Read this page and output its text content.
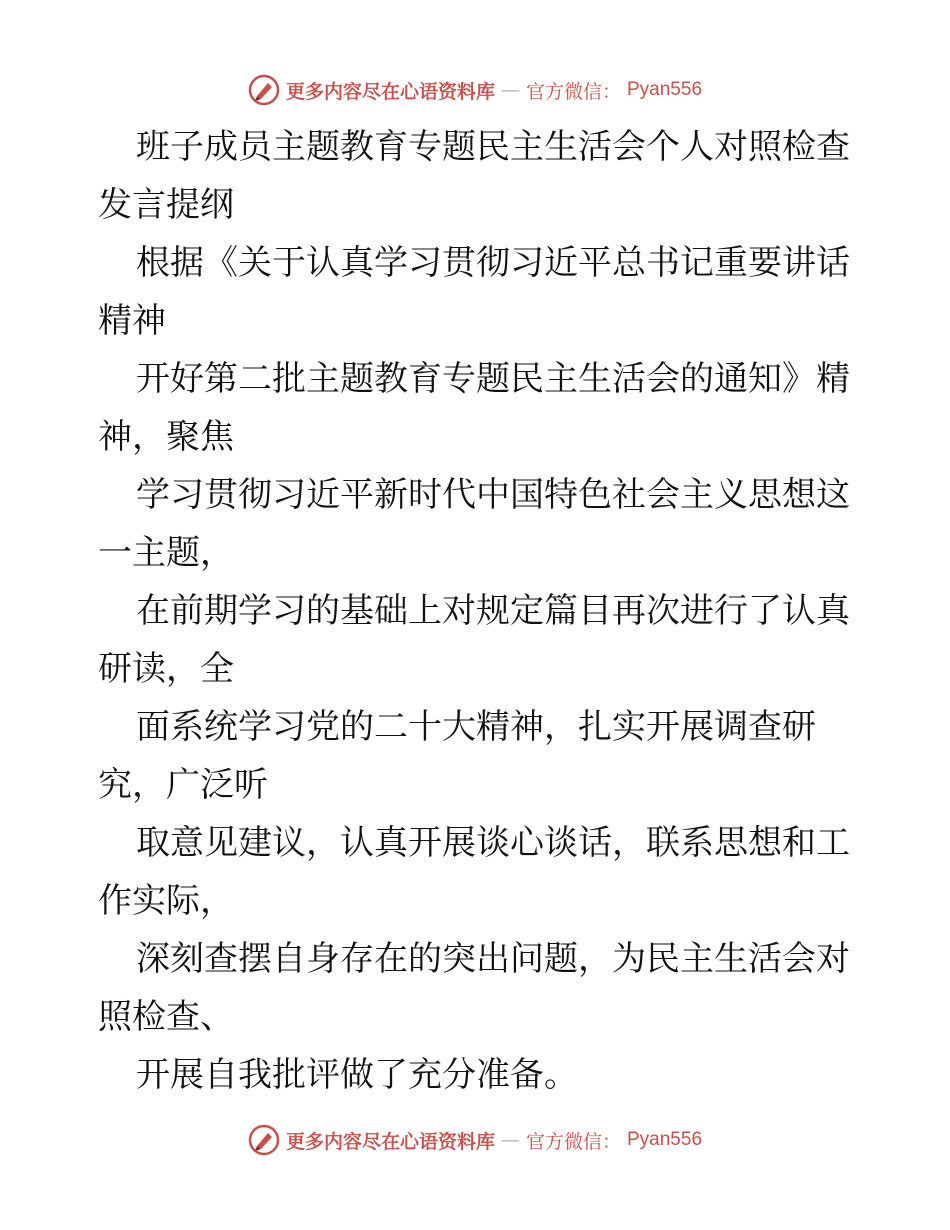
更多内容尽在心语资料库 — 官方微信： Pyan556
班子成员主题教育专题民主生活会个人对照检查
发言提纲
根据《关于认真学习贯彻习近平总书记重要讲话
精神
开好第二批主题教育专题民主生活会的通知》精
神，聚焦
学习贯彻习近平新时代中国特色社会主义思想这
一主题，
在前期学习的基础上对规定篇目再次进行了认真
研读，全
面系统学习党的二十大精神，扎实开展调查研
究，广泛听
取意见建议，认真开展谈心谈话，联系思想和工
作实际，
深刻查摆自身存在的突出问题，为民主生活会对
照检查、
开展自我批评做了充分准备。
更多内容尽在心语资料库 — 官方微信： Pyan556
